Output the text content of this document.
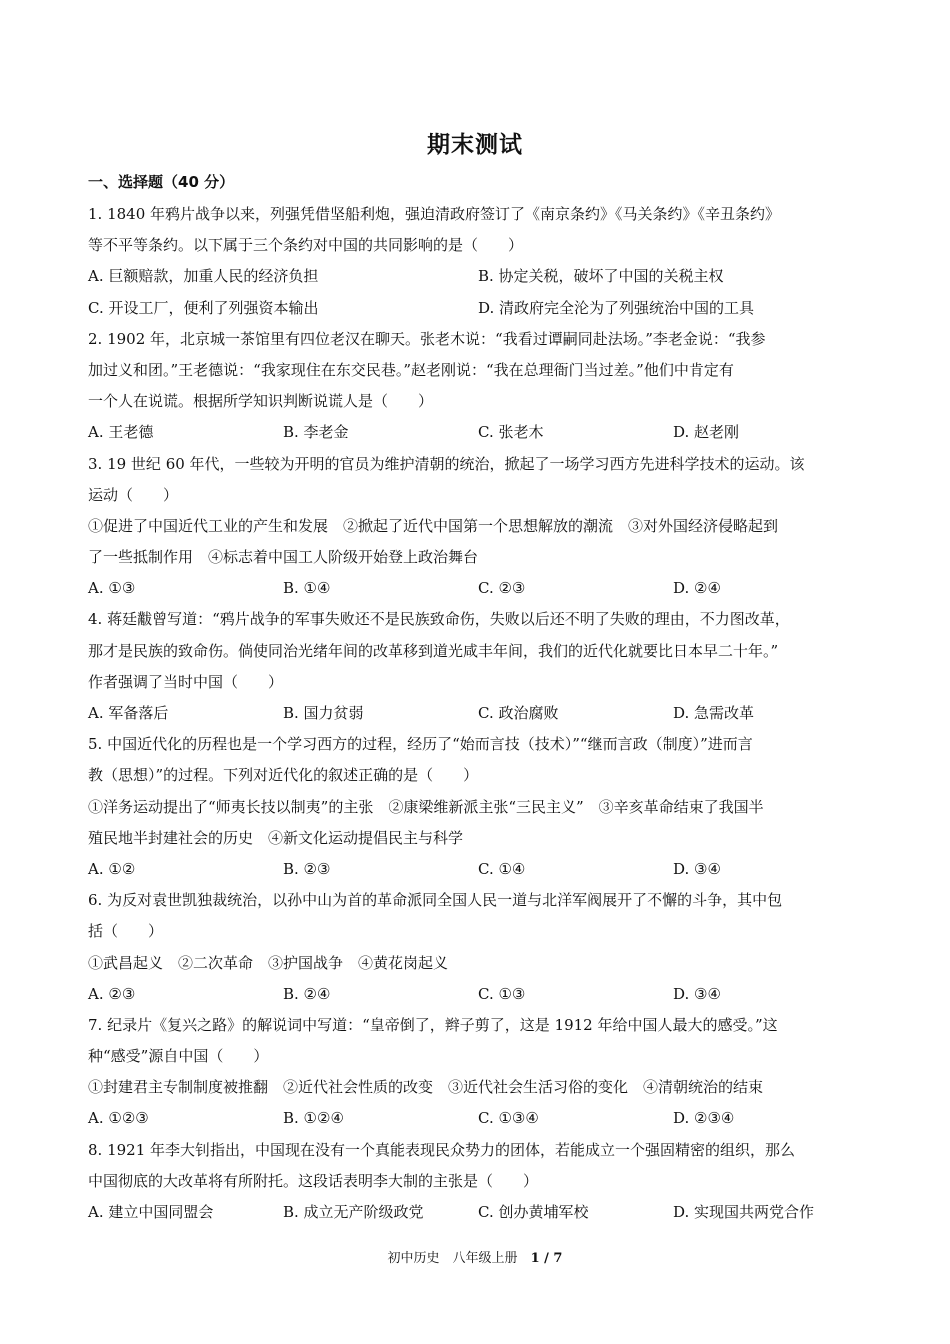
期末测试
一、选择题（40 分）
1. 1840 年鸦片战争以来，列强凭借坚船利炮，强迫清政府签订了《南京条约》《马关条约》《辛丑条约》
等不平等条约。以下属于三个条约对中国的共同影响的是（　　）
A. 巨额赔款，加重人民的经济负担	B. 协定关税，破坏了中国的关税主权
C. 开设工厂，便利了列强资本输出	D. 清政府完全沦为了列强统治中国的工具
2. 1902 年，北京城一茶馆里有四位老汉在聊天。张老木说：“我看过谭嗣同赴法场。”李老金说：“我参
加过义和团。”王老德说：“我家现住在东交民巷。”赵老刚说：“我在总理衙门当过差。”他们中肯定有
一个人在说谎。根据所学知识判断说谎人是（　　）
A. 王老德	B. 李老金	C. 张老木	D. 赵老刚
3. 19 世纪 60 年代，一些较为开明的官员为维护清朝的统治，掀起了一场学习西方先进科学技术的运动。该
运动（　　）
①促进了中国近代工业的产生和发展　②掀起了近代中国第一个思想解放的潮流　③对外国经济侵略起到
了一些抵制作用　④标志着中国工人阶级开始登上政治舞台
A. ①③	B. ①④	C. ②③	D. ②④
4. 蒋廷黻曾写道：“鸦片战争的军事失败还不是民族致命伤，失败以后还不明了失败的理由，不力图改革，
那才是民族的致命伤。倘使同治光绪年间的改革移到道光咸丰年间，我们的近代化就要比日本早二十年。”
作者强调了当时中国（　　）
A. 军备落后	B. 国力贫弱	C. 政治腐败	D. 急需改革
5. 中国近代化的历程也是一个学习西方的过程，经历了“始而言技（技术）”“继而言政（制度）”进而言
教（思想）”的过程。下列对近代化的叙述正确的是（　　）
①洋务运动提出了“师夷长技以制夷”的主张　②康梁维新派主张“三民主义”　③辛亥革命结束了我国半
殖民地半封建社会的历史　④新文化运动提倡民主与科学
A. ①②	B. ②③	C. ①④	D. ③④
6. 为反对袁世凯独裁统治，以孙中山为首的革命派同全国人民一道与北洋军阀展开了不懈的斗争，其中包
括（　　）
①武昌起义　②二次革命　③护国战争　④黄花岗起义
A. ②③	B. ②④	C. ①③	D. ③④
7. 纪录片《复兴之路》的解说词中写道：“皇帝倒了，辫子剪了，这是 1912 年给中国人最大的感受。”这
种“感受”源自中国（　　）
①封建君主专制制度被推翻　②近代社会性质的改变　③近代社会生活习俗的变化　④清朝统治的结束
A. ①②③	B. ①②④	C. ①③④	D. ②③④
8. 1921 年李大钊指出，中国现在没有一个真能表现民众势力的团体，若能成立一个强固精密的组织，那么
中国彻底的大改革将有所附托。这段话表明李大制的主张是（　　）
A. 建立中国同盟会	B. 成立无产阶级政党	C. 创办黄埔军校	D. 实现国共两党合作
初中历史　 八年级上册　 1 / 7
